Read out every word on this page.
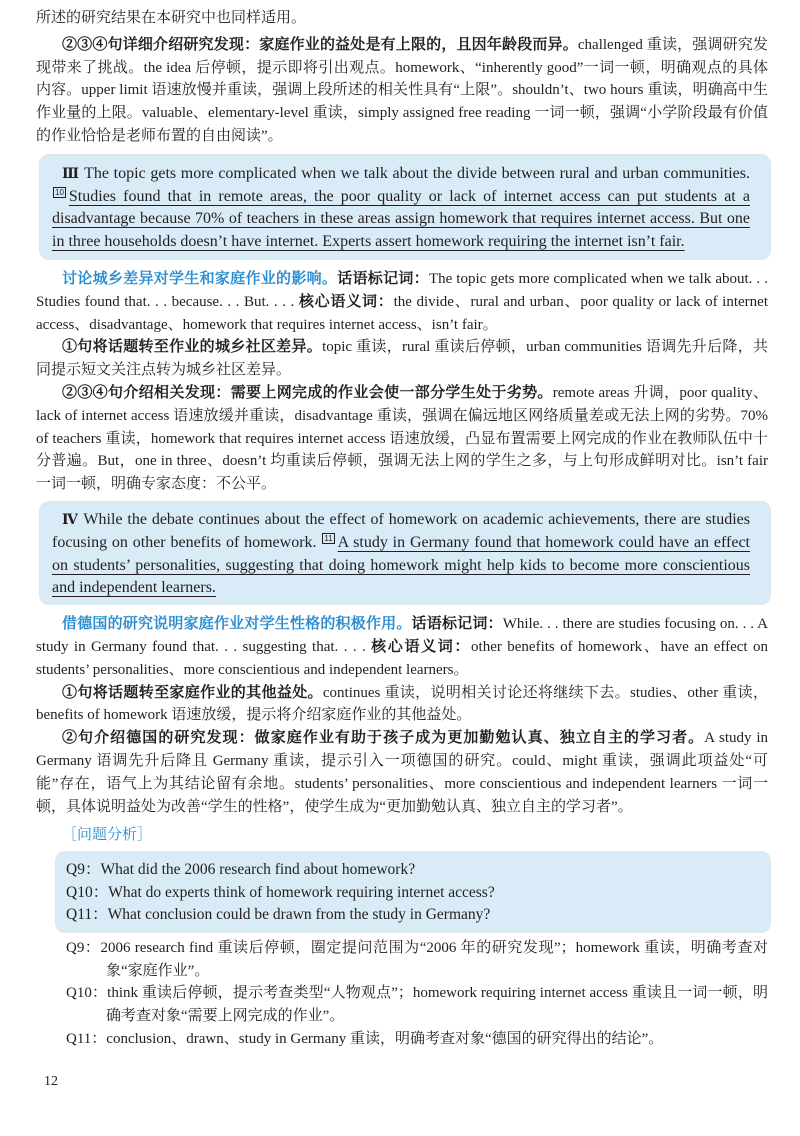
所述的研究结果在本研究中也同样适用。

②③④句详细介绍研究发现：家庭作业的益处是有上限的，且因年龄段而异。challenged 重读，强调研究发现带来了挑战。the idea 后停顿，提示即将引出观点。homework、“inherently good”一词一顿，明确观点的具体内容。upper limit 语速放慢并重读，强调上段所述的相关性具有“上限”。shouldn’t、two hours 重读，明确高中生作业量的上限。valuable、elementary-level 重读，simply assigned free reading 一词一顿，强调“小学阶段最有价值的作业恰恰是老师布置的自由阅读”。

Ⅲ The topic gets more complicated when we talk about the divide between rural and urban communities. 10 Studies found that in remote areas, the poor quality or lack of internet access can put students at a disadvantage because 70% of teachers in these areas assign homework that requires internet access. But one in three households doesn’t have internet. Experts assert homework requiring the internet isn’t fair.

讨论城乡差异对学生和家庭作业的影响。话语标记词：The topic gets more complicated when we talk about. . . Studies found that. . . because. . . But. . . . 核心语义词：the divide、rural and urban、poor quality or lack of internet access、disadvantage、homework that requires internet access、isn’t fair。

①句将话题转至作业的城乡社区差异。topic 重读，rural 重读后停顿，urban communities 语调先升后降，共同提示短文关注点转为城乡社区差异。

②③④句介绍相关发现：需要上网完成的作业会使一部分学生处于劣势。remote areas 升调，poor quality、lack of internet access 语速放缓并重读，disadvantage 重读，强调在偏远地区网络质量差或无法上网的劣势。70% of teachers 重读，homework that requires internet access 语速放缓，凸显布置需要上网完成的作业在教师队伍中十分普遍。But，one in three、doesn’t 均重读后停顿，强调无法上网的学生之多，与上句形成鲜明对比。isn’t fair 一词一顿，明确专家态度：不公平。

Ⅳ While the debate continues about the effect of homework on academic achievements, there are studies focusing on other benefits of homework. 11 A study in Germany found that homework could have an effect on students’ personalities, suggesting that doing homework might help kids to become more conscientious and independent learners.

借德国的研究说明家庭作业对学生性格的积极作用。话语标记词：While. . . there are studies focusing on. . . A study in Germany found that. . . suggesting that. . . . 核心语义词：other benefits of homework、have an effect on students’ personalities、more conscientious and independent learners。

①句将话题转至家庭作业的其他益处。continues 重读，说明相关讨论还将继续下去。studies、other 重读，benefits of homework 语速放缓，提示将介绍家庭作业的其他益处。

②句介绍德国的研究发现：做家庭作业有助于孩子成为更加勤勉认真、独立自主的学习者。A study in Germany 语调先升后降且 Germany 重读，提示引入一项德国的研究。could、might 重读，强调此项益处“可能”存在，语气上为其结论留有余地。students’ personalities、more conscientious and independent learners 一词一顿，具体说明益处为改善“学生的性格”，使学生成为“更加勤勉认真、独立自主的学习者”。

［问题分析］

Q9：What did the 2006 research find about homework?

Q10：What do experts think of homework requiring internet access?

Q11：What conclusion could be drawn from the study in Germany?

Q9：2006 research find 重读后停顿，圈定提问范围为“2006 年的研究发现”；homework 重读，明确考查对象“家庭作业”。

Q10：think 重读后停顿，提示考查类型“人物观点”；homework requiring internet access 重读且一词一顿，明确考查对象“需要上网完成的作业”。

Q11：conclusion、drawn、study in Germany 重读，明确考查对象“德国的研究得出的结论”。

12
